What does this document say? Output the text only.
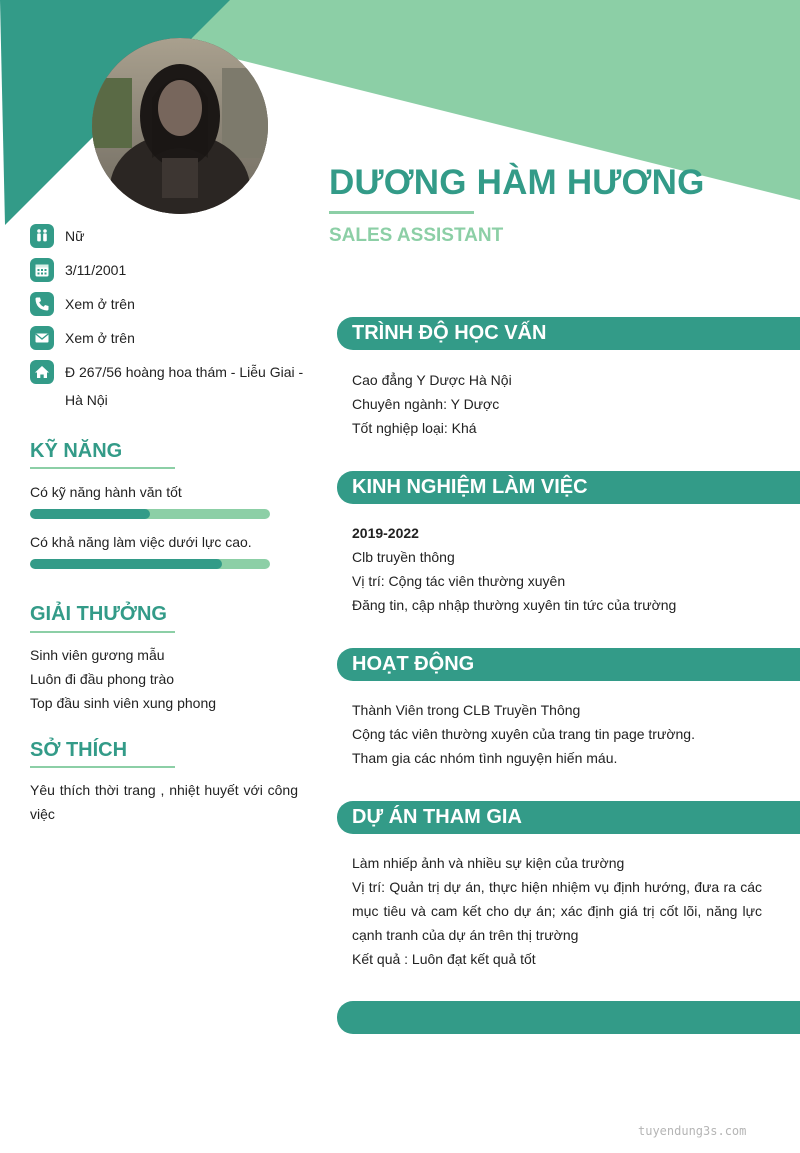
DƯƠNG HÀM HƯƠNG
SALES ASSISTANT
Nữ
3/11/2001
Xem ở trên
Xem ở trên
Đ 267/56 hoàng hoa thám - Liễu Giai -
Hà Nội
KỸ NĂNG
Có kỹ năng hành văn tốt
Có khả năng làm việc dưới lực cao.
GIẢI THƯỞNG
Sinh viên gương mẫu
Luôn đi đầu phong trào
Top đầu sinh viên xung phong
SỞ THÍCH
Yêu thích thời trang , nhiệt huyết với công việc
TRÌNH ĐỘ HỌC VẤN
Cao đẳng Y Dược Hà Nội
Chuyên ngành: Y Dược
Tốt nghiệp loại: Khá
KINH NGHIỆM LÀM VIỆC
2019-2022
Clb truyền thông
Vị trí: Cộng tác viên thường xuyên
Đăng tin, cập nhập thường xuyên tin tức của trường
HOẠT ĐỘNG
Thành Viên trong CLB Truyền Thông
Cộng tác viên thường xuyên của trang tin page trường.
Tham gia các nhóm tình nguyện hiến máu.
DỰ ÁN THAM GIA
Làm nhiếp ảnh và nhiều sự kiện của trường
Vị trí: Quản trị dự án, thực hiện nhiệm vụ định hướng, đưa ra các mục tiêu và cam kết cho dự án; xác định giá trị cốt lõi, năng lực cạnh tranh của dự án trên thị trường
Kết quả : Luôn đạt kết quả tốt
tuyendung3s.com
